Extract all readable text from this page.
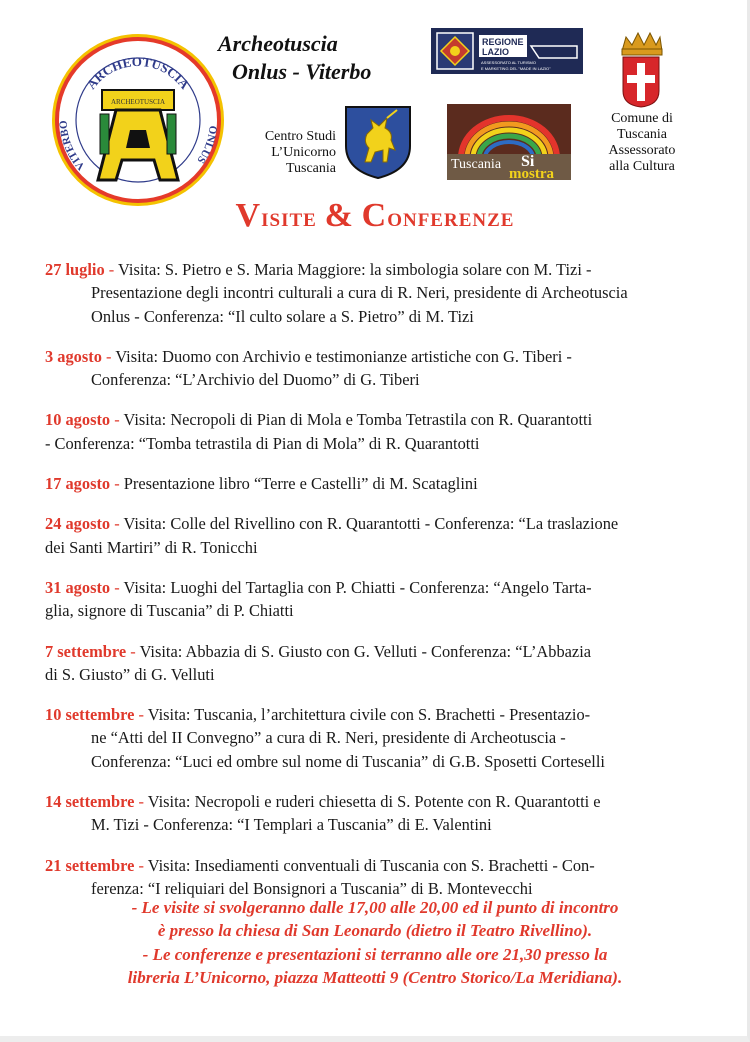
ARCHEOTUSCIA
VITERBO
ONLUS
ARCHEOTUSCIA
Archeotuscia
Onlus - Viterbo
Centro Studi
L’Unicorno
Tuscania
REGIONE
LAZIO
ASSESSORATO AL TURISMO
E MARKETING DEL "MADE IN LAZIO"
Tuscania Si
mostra
Comune di
Tuscania
Assessorato
alla Cultura
Visite & Conferenze
27 luglio - Visita: S. Pietro e S. Maria Maggiore: la simbologia solare con M. Tizi -
Presentazione degli incontri culturali a cura di R. Neri, presidente di Archeotuscia
Onlus - Conferenza: “Il culto solare a S. Pietro” di M. Tizi
3 agosto - Visita: Duomo con Archivio e testimonianze artistiche con G. Tiberi -
Conferenza: “L’Archivio del Duomo” di G. Tiberi
10 agosto - Visita: Necropoli di Pian di Mola e Tomba Tetrastila con R. Quarantotti
- Conferenza: “Tomba tetrastila di Pian di Mola” di R. Quarantotti
17 agosto - Presentazione libro “Terre e Castelli” di M. Scataglini
24 agosto - Visita: Colle del Rivellino con R. Quarantotti - Conferenza: “La traslazione
dei Santi Martiri” di R. Tonicchi
31 agosto - Visita: Luoghi del Tartaglia con P. Chiatti - Conferenza: “Angelo Tarta-
glia, signore di Tuscania” di P. Chiatti
7 settembre - Visita: Abbazia di S. Giusto con G. Velluti - Conferenza: “L’Abbazia
di S. Giusto” di G. Velluti
10 settembre - Visita: Tuscania, l’architettura civile con S. Brachetti - Presentazio-
ne “Atti del II Convegno” a cura di R. Neri, presidente di Archeotuscia -
Conferenza: “Luci ed ombre sul nome di Tuscania” di G.B. Sposetti Corteselli
14 settembre - Visita: Necropoli e ruderi chiesetta di S. Potente con R. Quarantotti e
M. Tizi - Conferenza: “I Templari a Tuscania” di E. Valentini
21 settembre - Visita: Insediamenti conventuali di Tuscania con S. Brachetti - Con-
ferenza: “I reliquiari del Bonsignori a Tuscania” di B. Montevecchi
- Le visite si svolgeranno dalle 17,00 alle 20,00 ed il punto di incontro
è presso la chiesa di San Leonardo (dietro il Teatro Rivellino).
- Le conferenze e presentazioni si terranno alle ore 21,30 presso la
libreria L’Unicorno, piazza Matteotti 9 (Centro Storico/La Meridiana).
